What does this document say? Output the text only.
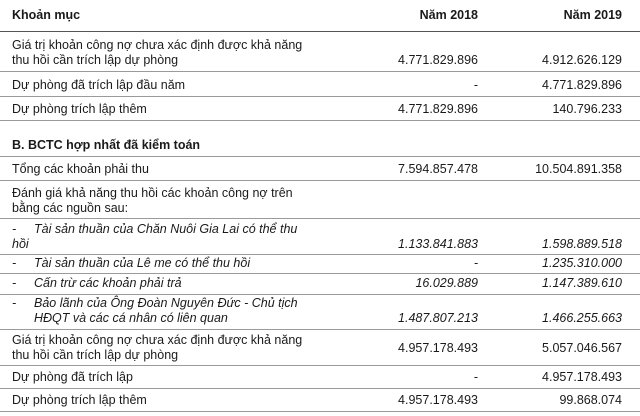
Khoản mục	Năm 2018	Năm 2019
Giá trị khoản công nợ chưa xác định được khả năng
thu hồi cần trích lập dự phòng	4.771.829.896	4.912.626.129
Dự phòng đã trích lập đầu năm	-	4.771.829.896
Dự phòng trích lập thêm	4.771.829.896	140.796.233
B. BCTC hợp nhất đã kiểm toán
Tổng các khoản phải thu	7.594.857.478	10.504.891.358
Đánh giá khả năng thu hồi các khoản công nợ trên
bằng các nguồn sau:
-	Tài sản thuần của Chăn Nuôi Gia Lai có thể thu
hồi	1.133.841.883	1.598.889.518
-	Tài sản thuần của Lê me có thể thu hồi	-	1.235.310.000
-	Cấn trừ các khoản phải trả	16.029.889	1.147.389.610
-	Bảo lãnh của Ông Đoàn Nguyên Đức - Chủ tịch
HĐQT và các cá nhân có liên quan	1.487.807.213	1.466.255.663
Giá trị khoản công nợ chưa xác định được khả năng
thu hồi cần trích lập dự phòng	4.957.178.493	5.057.046.567
Dự phòng đã trích lập	-	4.957.178.493
Dự phòng trích lập thêm	4.957.178.493	99.868.074
